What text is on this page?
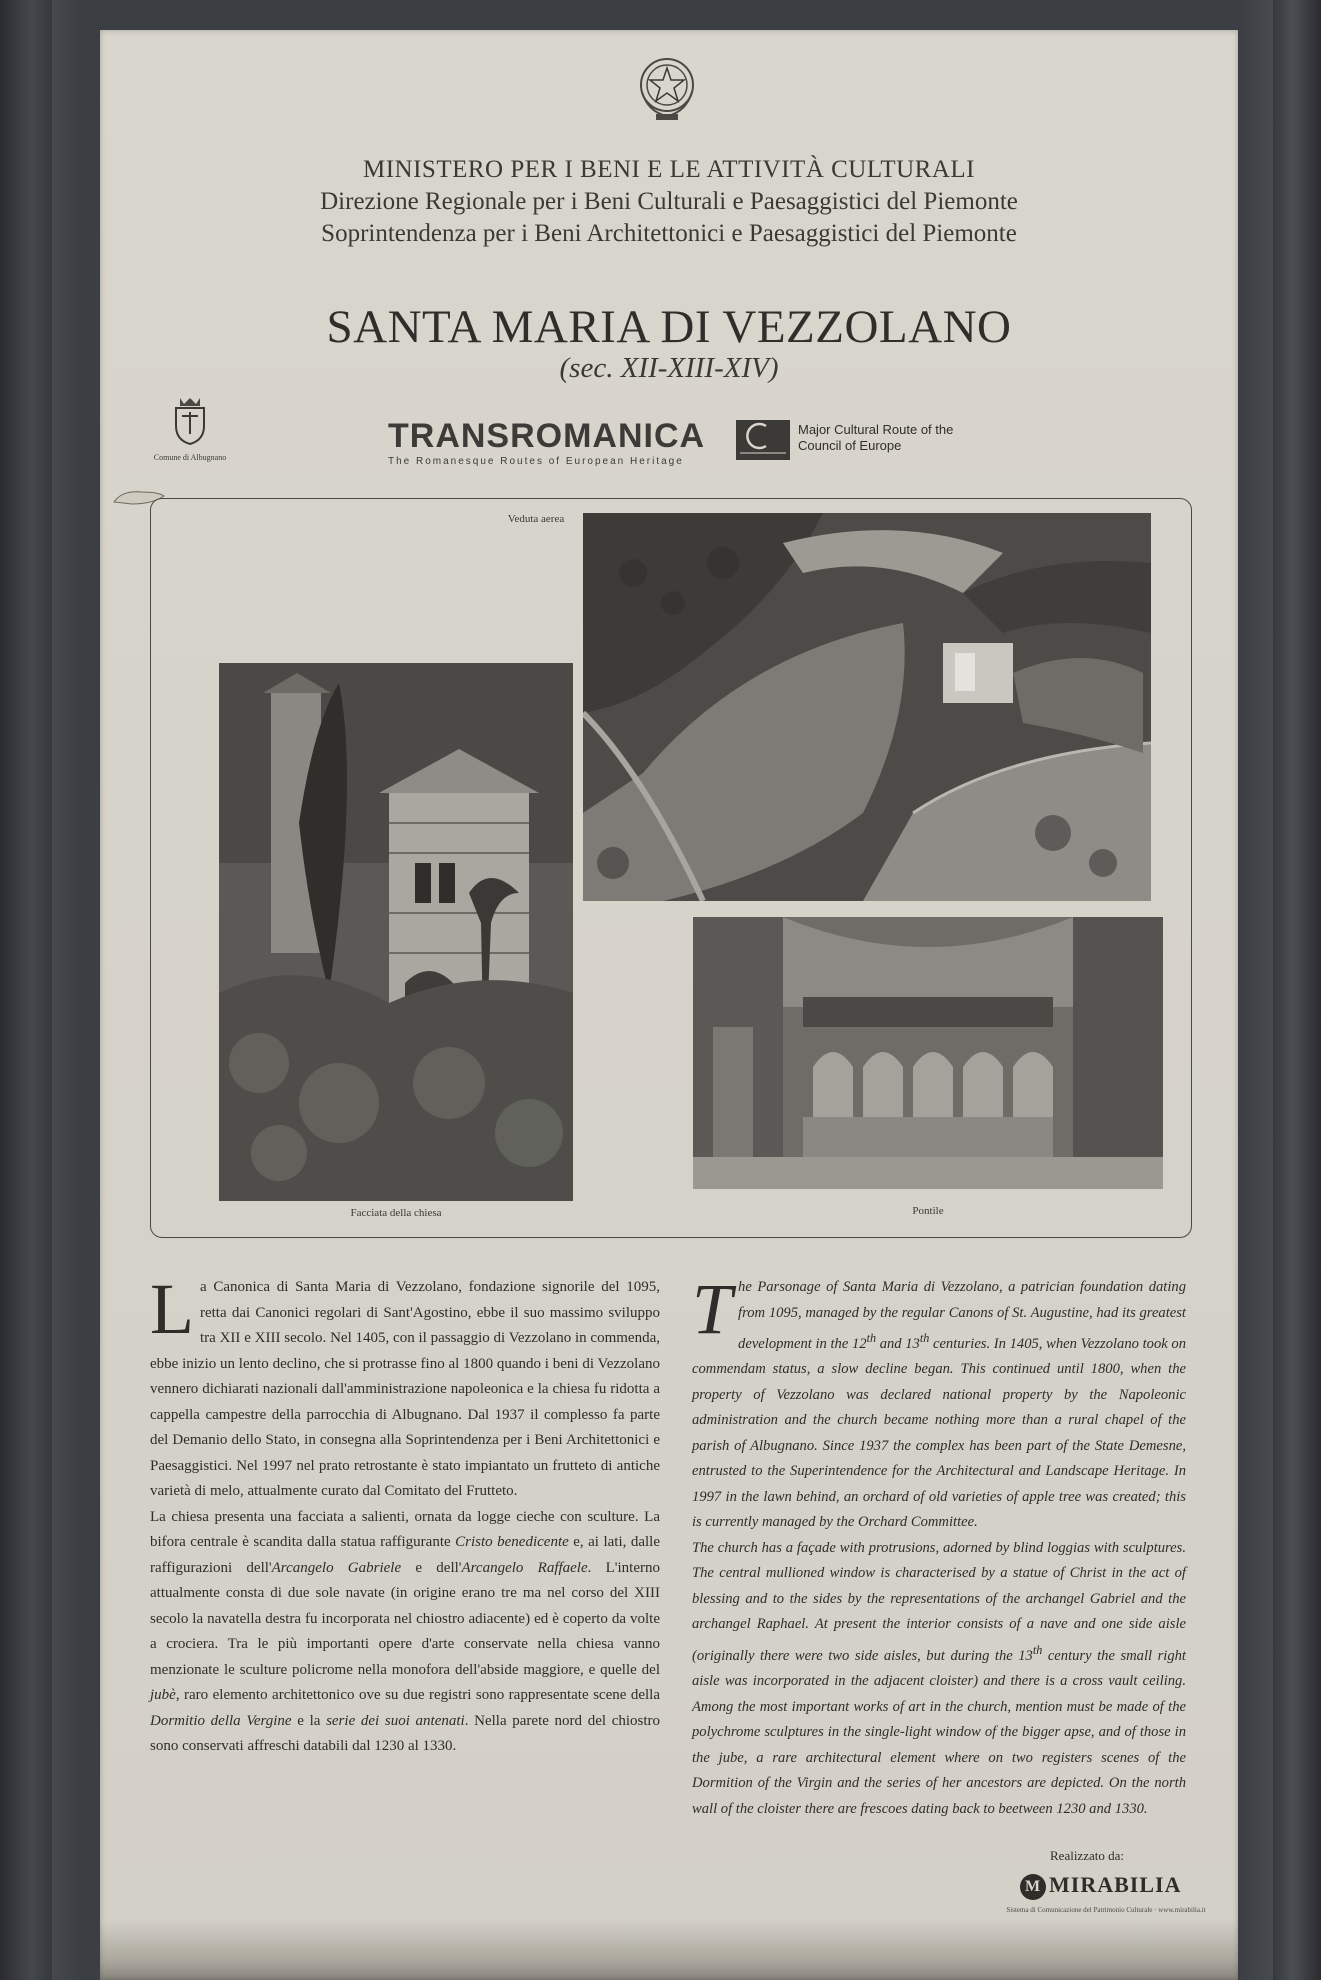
MINISTERO PER I BENI E LE ATTIVITÀ CULTURALI
Direzione Regionale per i Beni Culturali e Paesaggistici del Piemonte
Soprintendenza per i Beni Architettonici e Paesaggistici del Piemonte
SANTA MARIA DI VEZZOLANO
(sec. XII-XIII-XIV)
Comune di Albugnano
TRANSROMANICA
The Romanesque Routes of European Heritage
Major Cultural Route of the Council of Europe
Veduta aerea
Facciata della chiesa	Pontile
La Canonica di Santa Maria di Vezzolano, fondazione signorile del 1095, retta dai Canonici regolari di Sant'Agostino, ebbe il suo massimo sviluppo tra XII e XIII secolo. Nel 1405, con il passaggio di Vezzolano in commenda, ebbe inizio un lento declino, che si protrasse fino al 1800 quando i beni di Vezzolano vennero dichiarati nazionali dall'amministrazione napoleonica e la chiesa fu ridotta a cappella campestre della parrocchia di Albugnano. Dal 1937 il complesso fa parte del Demanio dello Stato, in consegna alla Soprintendenza per i Beni Architettonici e Paesaggistici. Nel 1997 nel prato retrostante è stato impiantato un frutteto di antiche varietà di melo, attualmente curato dal Comitato del Frutteto.
La chiesa presenta una facciata a salienti, ornata da logge cieche con sculture. La bifora centrale è scandita dalla statua raffigurante Cristo benedicente e, ai lati, dalle raffigurazioni dell'Arcangelo Gabriele e dell'Arcangelo Raffaele. L'interno attualmente consta di due sole navate (in origine erano tre ma nel corso del XIII secolo la navatella destra fu incorporata nel chiostro adiacente) ed è coperto da volte a crociera. Tra le più importanti opere d'arte conservate nella chiesa vanno menzionate le sculture policrome nella monofora dell'abside maggiore, e quelle del jubè, raro elemento architettonico ove su due registri sono rappresentate scene della Dormitio della Vergine e la serie dei suoi antenati. Nella parete nord del chiostro sono conservati affreschi databili dal 1230 al 1330.
The Parsonage of Santa Maria di Vezzolano, a patrician foundation dating from 1095, managed by the regular Canons of St. Augustine, had its greatest development in the 12th and 13th centuries. In 1405, when Vezzolano took on commendam status, a slow decline began. This continued until 1800, when the property of Vezzolano was declared national property by the Napoleonic administration and the church became nothing more than a rural chapel of the parish of Albugnano. Since 1937 the complex has been part of the State Demesne, entrusted to the Superintendence for the Architectural and Landscape Heritage. In 1997 in the lawn behind, an orchard of old varieties of apple tree was created; this is currently managed by the Orchard Committee.
The church has a façade with protrusions, adorned by blind loggias with sculptures. The central mullioned window is characterised by a statue of Christ in the act of blessing and to the sides by the representations of the archangel Gabriel and the archangel Raphael. At present the interior consists of a nave and one side aisle (originally there were two side aisles, but during the 13th century the small right aisle was incorporated in the adjacent cloister) and there is a cross vault ceiling. Among the most important works of art in the church, mention must be made of the polychrome sculptures in the single-light window of the bigger apse, and of those in the jube, a rare architectural element where on two registers scenes of the Dormition of the Virgin and the series of her ancestors are depicted. On the north wall of the cloister there are frescoes dating back to beetween 1230 and 1330.
Realizzato da:
M MIRABILIA
Sistema di Comunicazione del Patrimonio Culturale · www.mirabilia.it
